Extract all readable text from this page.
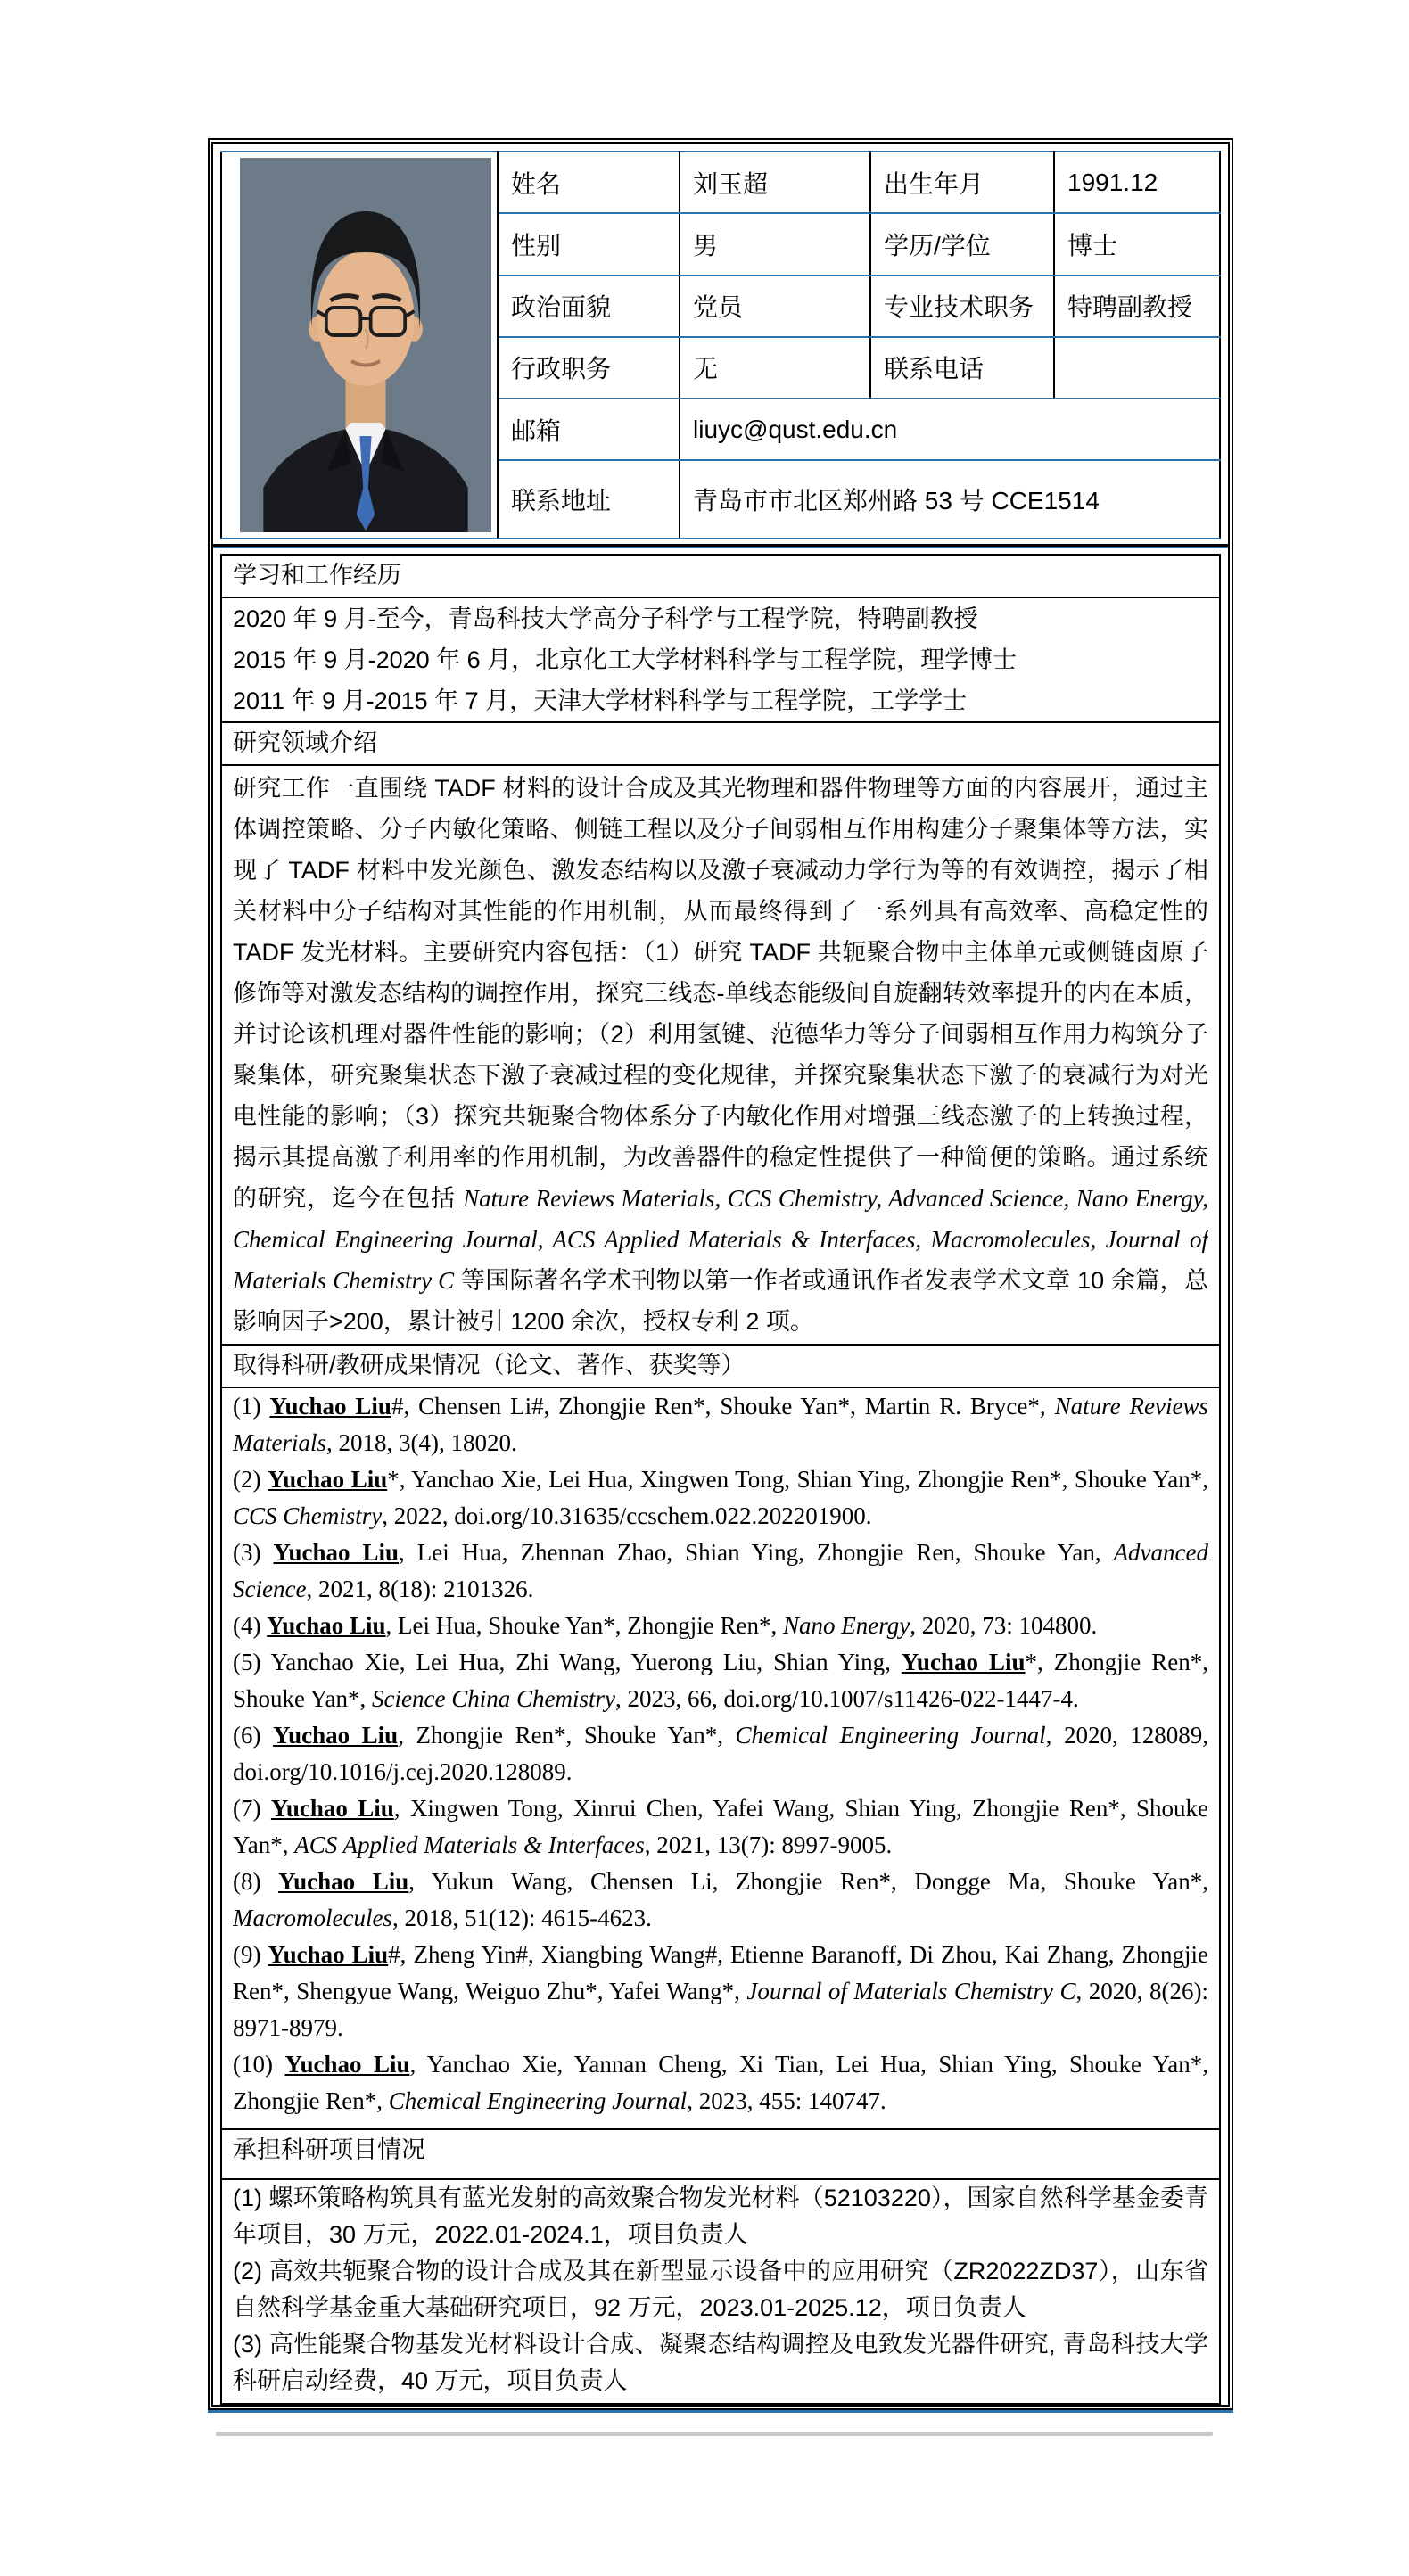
	姓名	刘玉超	出生年月	1991.12
	性别	男	学历/学位	博士
	政治面貌	党员	专业技术职务	特聘副教授
	行政职务	无	联系电话	
	邮箱	liuyc@qust.edu.cn		
	联系地址	青岛市市北区郑州路 53 号 CCE1514		
学习和工作经历

2020 年 9 月-至今，青岛科技大学高分子科学与工程学院，特聘副教授
2015 年 9 月-2020 年 6 月，北京化工大学材料科学与工程学院，理学博士
2011 年 9 月-2015 年 7 月，天津大学材料科学与工程学院，工学学士

研究领域介绍

研究工作一直围绕 TADF 材料的设计合成及其光物理和器件物理等方面的内容展开，通过主体调控策略、分子内敏化策略、侧链工程以及分子间弱相互作用构建分子聚集体等方法，实现了 TADF 材料中发光颜色、激发态结构以及激子衰减动力学行为等的有效调控，揭示了相关材料中分子结构对其性能的作用机制，从而最终得到了一系列具有高效率、高稳定性的 TADF 发光材料。主要研究内容包括：（1）研究 TADF 共轭聚合物中主体单元或侧链卤原子修饰等对激发态结构的调控作用，探究三线态-单线态能级间自旋翻转效率提升的内在本质，并讨论该机理对器件性能的影响；（2）利用氢键、范德华力等分子间弱相互作用力构筑分子聚集体，研究聚集状态下激子衰减过程的变化规律，并探究聚集状态下激子的衰减行为对光电性能的影响；（3）探究共轭聚合物体系分子内敏化作用对增强三线态激子的上转换过程，揭示其提高激子利用率的作用机制，为改善器件的稳定性提供了一种简便的策略。通过系统的研究，迄今在包括 Nature Reviews Materials, CCS Chemistry, Advanced Science, Nano Energy, Chemical Engineering Journal, ACS Applied Materials & Interfaces, Macromolecules, Journal of Materials Chemistry C 等国际著名学术刊物以第一作者或通讯作者发表学术文章 10 余篇，总影响因子>200，累计被引 1200 余次，授权专利 2 项。

取得科研/教研成果情况（论文、著作、获奖等）

(1) Yuchao Liu#, Chensen Li#, Zhongjie Ren*, Shouke Yan*, Martin R. Bryce*, Nature Reviews Materials, 2018, 3(4), 18020.

(2) Yuchao Liu*, Yanchao Xie, Lei Hua, Xingwen Tong, Shian Ying, Zhongjie Ren*, Shouke Yan*, CCS Chemistry, 2022, doi.org/10.31635/ccschem.022.202201900.

(3) Yuchao Liu, Lei Hua, Zhennan Zhao, Shian Ying, Zhongjie Ren, Shouke Yan, Advanced Science, 2021, 8(18): 2101326.

(4) Yuchao Liu, Lei Hua, Shouke Yan*, Zhongjie Ren*, Nano Energy, 2020, 73: 104800.

(5) Yanchao Xie, Lei Hua, Zhi Wang, Yuerong Liu, Shian Ying, Yuchao Liu*, Zhongjie Ren*, Shouke Yan*, Science China Chemistry, 2023, 66, doi.org/10.1007/s11426-022-1447-4.

(6) Yuchao Liu, Zhongjie Ren*, Shouke Yan*, Chemical Engineering Journal, 2020, 128089, doi.org/10.1016/j.cej.2020.128089.

(7) Yuchao Liu, Xingwen Tong, Xinrui Chen, Yafei Wang, Shian Ying, Zhongjie Ren*, Shouke Yan*, ACS Applied Materials & Interfaces, 2021, 13(7): 8997-9005.

(8) Yuchao Liu, Yukun Wang, Chensen Li, Zhongjie Ren*, Dongge Ma, Shouke Yan*, Macromolecules, 2018, 51(12): 4615-4623.

(9) Yuchao Liu#, Zheng Yin#, Xiangbing Wang#, Etienne Baranoff, Di Zhou, Kai Zhang, Zhongjie Ren*, Shengyue Wang, Weiguo Zhu*, Yafei Wang*, Journal of Materials Chemistry C, 2020, 8(26): 8971-8979.

(10) Yuchao Liu, Yanchao Xie, Yannan Cheng, Xi Tian, Lei Hua, Shian Ying, Shouke Yan*, Zhongjie Ren*, Chemical Engineering Journal, 2023, 455: 140747.

承担科研项目情况

(1) 螺环策略构筑具有蓝光发射的高效聚合物发光材料（52103220），国家自然科学基金委青年项目，30 万元，2022.01-2024.1，项目负责人
(2) 高效共轭聚合物的设计合成及其在新型显示设备中的应用研究（ZR2022ZD37），山东省自然科学基金重大基础研究项目，92 万元，2023.01-2025.12，项目负责人
(3) 高性能聚合物基发光材料设计合成、凝聚态结构调控及电致发光器件研究, 青岛科技大学科研启动经费，40 万元，项目负责人
